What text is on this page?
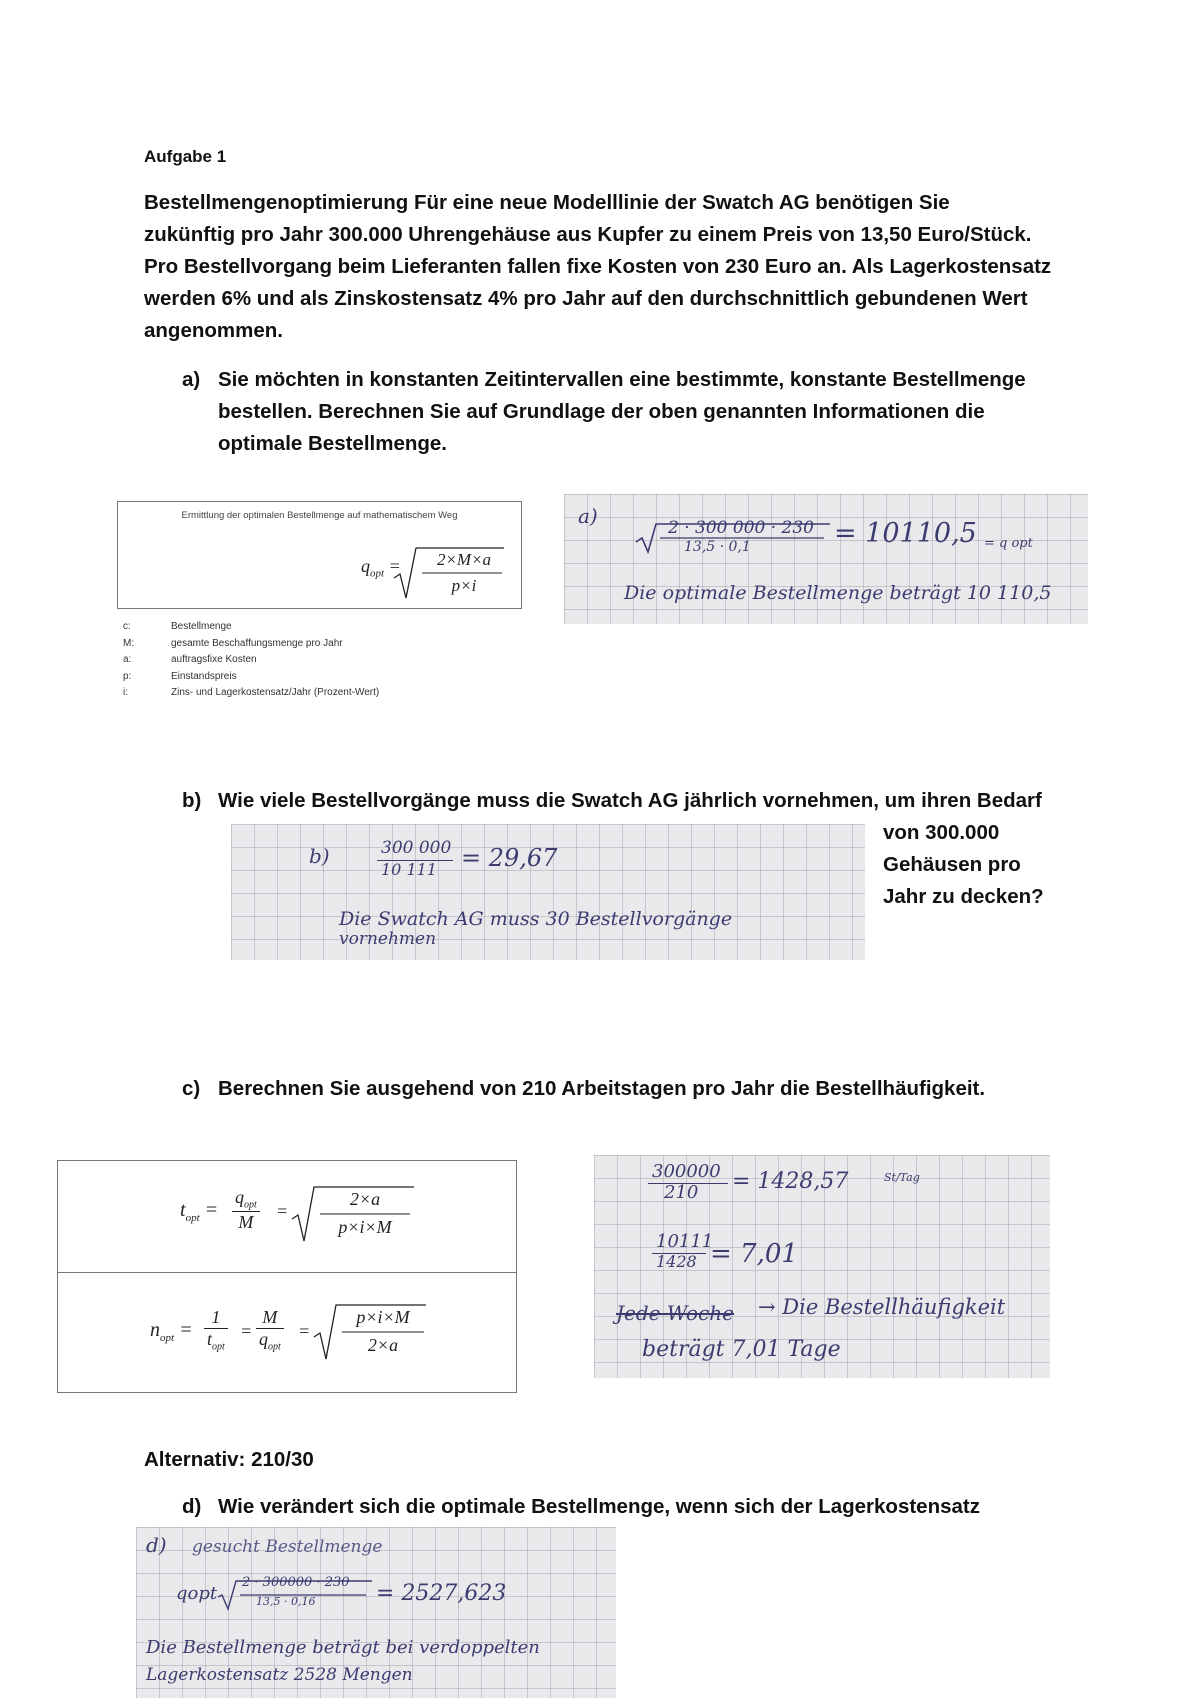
Aufgabe 1
Bestellmengenoptimierung Für eine neue Modelllinie der Swatch AG benötigen Sie
zukünftig pro Jahr 300.000 Uhrengehäuse aus Kupfer zu einem Preis von 13,50 Euro/Stück.
Pro Bestellvorgang beim Lieferanten fallen fixe Kosten von 230 Euro an. Als Lagerkostensatz
werden 6% und als Zinskostensatz 4% pro Jahr auf den durchschnittlich gebundenen Wert
angenommen.
a) Sie möchten in konstanten Zeitintervallen eine bestimmte, konstante Bestellmenge
bestellen. Berechnen Sie auf Grundlage der oben genannten Informationen die
optimale Bestellmenge.
Ermittlung der optimalen Bestellmenge auf mathematischem Weg
$q_{opt}$ =	2×M×a
p×i
c:	Bestellmenge
M:	gesamte Beschaffungsmenge pro Jahr
a:	auftragsfixe Kosten
p:	Einstandspreis
i:	Zins- und Lagerkostensatz/Jahr (Prozent-Wert)
a)	2 · 300 000 · 230
13,5 · 0,1	= 10110,5 = q opt
Die optimale Bestellmenge beträgt 10 110,5
b) Wie viele Bestellvorgänge muss die Swatch AG jährlich vornehmen, um ihren Bedarf
von 300.000
Gehäusen pro
Jahr zu decken?
b)	300 000
10 111 = 29,67
Die Swatch AG muss 30 Bestellvorgänge
vornehmen
c) Berechnen Sie ausgehend von 210 Arbeitstagen pro Jahr die Bestellhäufigkeit.
$t_{opt} = \frac{q_{opt}}{M}$ =
2×a
p×i×M
$n_{opt} = \frac{1}{t_{opt}} = \frac{M}{q_{opt}}$ =
p×i×M
2×a
300000
210 = 1428,57	St/Tag
10111
1428 = 7,01
Jede Woche → Die Bestellhäufigkeit
beträgt 7,01 Tage
Alternativ: 210/30
d) Wie verändert sich die optimale Bestellmenge, wenn sich der Lagerkostensatz
d) gesucht Bestellmenge
qopt
2 · 300000 · 230
13,5 · 0,16	= 2527,623
Die Bestellmenge beträgt bei verdoppelten
Lagerkostensatz 2528 Mengen
